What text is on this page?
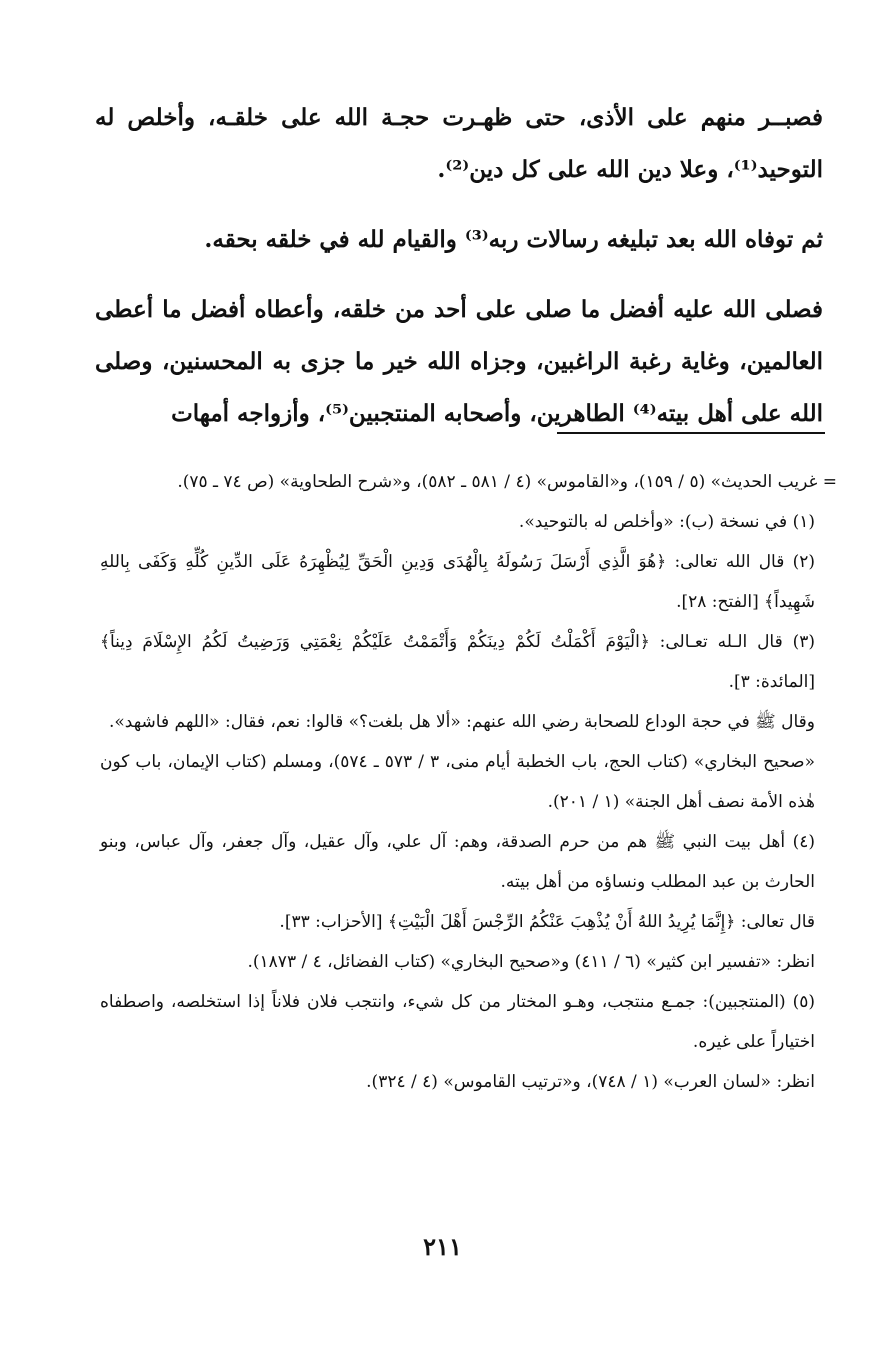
فصبــر منهم على الأذى، حتى ظهـرت حجـة الله على خلقـه، وأخلص له التوحيد⁽¹⁾، وعلا دين الله على كل دين⁽²⁾.

ثم توفاه الله بعد تبليغه رسالات ربه⁽³⁾ والقيام لله في خلقه بحقه.

فصلى الله عليه أفضل ما صلى على أحد من خلقه، وأعطاه أفضل ما أعطى العالمين، وغاية رغبة الراغبين، وجزاه الله خير ما جزى به المحسنين، وصلى الله على أهل بيته⁽⁴⁾ الطاهرين، وأصحابه المنتجبين⁽⁵⁾، وأزواجه أمهات

= غريب الحديث» (٥ / ١٥٩)، و«القاموس» (٤ / ٥٨١ ـ ٥٨٢)، و«شرح الطحاوية» (ص ٧٤ ـ ٧٥).

(١) في نسخة (ب): «وأخلص له بالتوحيد».

(٢) قال الله تعالى: ﴿هُوَ الَّذِي أَرْسَلَ رَسُولَهُ بِالْهُدَى وَدِينِ الْحَقِّ لِيُظْهِرَهُ عَلَى الدِّينِ كُلِّهِ وَكَفَى بِاللهِ شَهِيداً﴾ [الفتح: ٢٨].

(٣) قال الـله تعـالى: ﴿الْيَوْمَ أَكْمَلْتُ لَكُمْ دِينَكُمْ وَأَتْمَمْتُ عَلَيْكُمْ نِعْمَتِي وَرَضِيتُ لَكُمُ الإِسْلَامَ دِيناً﴾ [المائدة: ٣].

وقال ﷺ في حجة الوداع للصحابة رضي الله عنهم: «ألا هل بلغت؟» قالوا: نعم، فقال: «اللهم فاشهد».

«صحيح البخاري» (كتاب الحج، باب الخطبة أيام منى، ٣ / ٥٧٣ ـ ٥٧٤)، ومسلم (كتاب الإيمان، باب كون هٰذه الأمة نصف أهل الجنة» (١ / ٢٠١).

(٤) أهل بيت النبي ﷺ هم من حرم الصدقة، وهم: آل علي، وآل عقيل، وآل جعفر، وآل عباس، وبنو الحارث بن عبد المطلب ونساؤه من أهل بيته.

قال تعالى: ﴿إِنَّمَا يُرِيدُ اللهُ أَنْ يُذْهِبَ عَنْكُمُ الرِّجْسَ أَهْلَ الْبَيْتِ﴾ [الأحزاب: ٣٣].

انظر: «تفسير ابن كثير» (٦ / ٤١١) و«صحيح البخاري» (كتاب الفضائل، ٤ / ١٨٧٣).

(٥) (المنتجبين): جمـع منتجب، وهـو المختار من كل شيء، وانتجب فلان فلاناً إذا استخلصه، واصطفاه اختياراً على غيره.

انظر: «لسان العرب» (١ / ٧٤٨)، و«ترتيب القاموس» (٤ / ٣٢٤).

٢١١
